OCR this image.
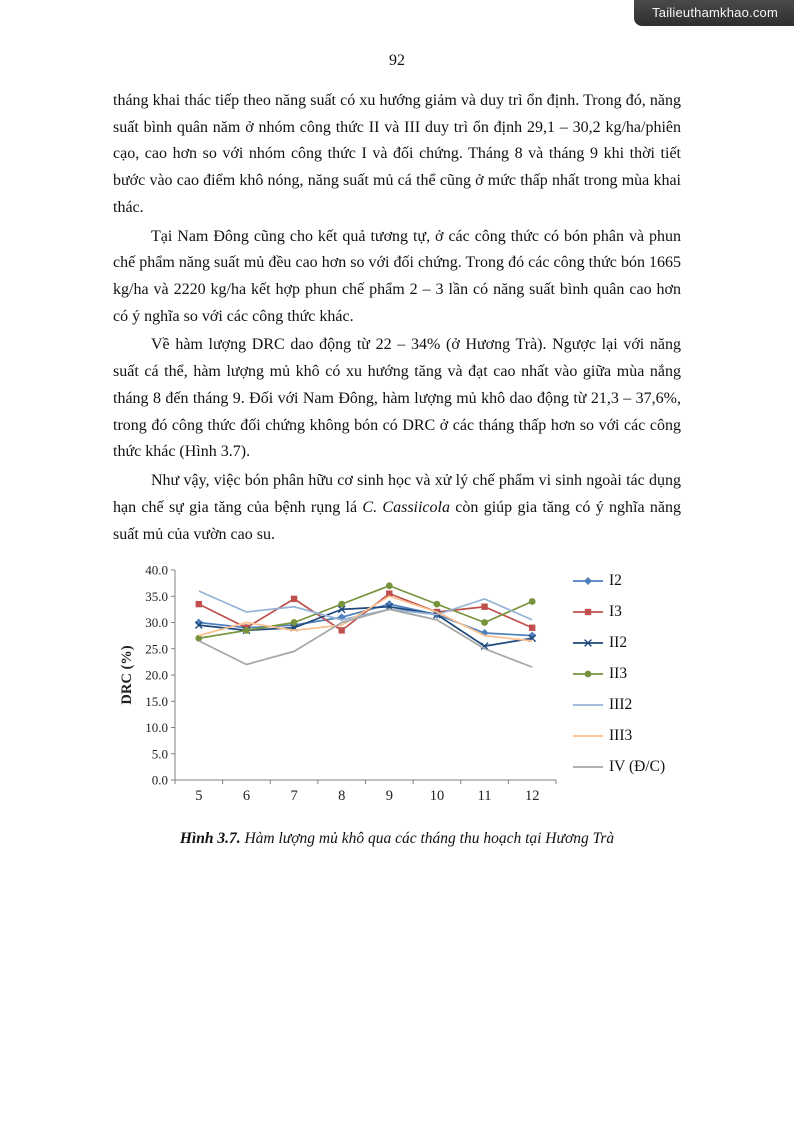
Tailieuthamkhao.com
92

tháng khai thác tiếp theo năng suất có xu hướng giảm và duy trì ổn định. Trong đó, năng suất bình quân năm ở nhóm công thức II và III duy trì ổn định 29,1 – 30,2 kg/ha/phiên cạo, cao hơn so với nhóm công thức I và đối chứng. Tháng 8 và tháng 9 khi thời tiết bước vào cao điểm khô nóng, năng suất mủ cá thể cũng ở mức thấp nhất trong mùa khai thác.

Tại Nam Đông cũng cho kết quả tương tự, ở các công thức có bón phân và phun chế phẩm năng suất mủ đều cao hơn so với đối chứng. Trong đó các công thức bón 1665 kg/ha và 2220 kg/ha kết hợp phun chế phẩm 2 – 3 lần có năng suất bình quân cao hơn có ý nghĩa so với các công thức khác.

Về hàm lượng DRC dao động từ 22 – 34% (ở Hương Trà). Ngược lại với năng suất cá thể, hàm lượng mủ khô có xu hướng tăng và đạt cao nhất vào giữa mùa nắng tháng 8 đến tháng 9. Đối với Nam Đông, hàm lượng mủ khô dao động từ 21,3 – 37,6%, trong đó công thức đối chứng không bón có DRC ở các tháng thấp hơn so với các công thức khác (Hình 3.7).

Như vậy, việc bón phân hữu cơ sinh học và xử lý chế phẩm vi sinh ngoài tác dụng hạn chế sự gia tăng của bệnh rụng lá C. Cassiicola còn giúp gia tăng có ý nghĩa năng suất mủ của vườn cao su.

0.0
5.0
10.0
15.0
20.0
25.0
30.0
35.0
40.0
5	6	7	8	9	10 11 12
DRC (%)
I2
I3
II2
II3
III2
III3
IV (Đ/C)
Hình 3.7. Hàm lượng mủ khô qua các tháng thu hoạch tại Hương Trà
